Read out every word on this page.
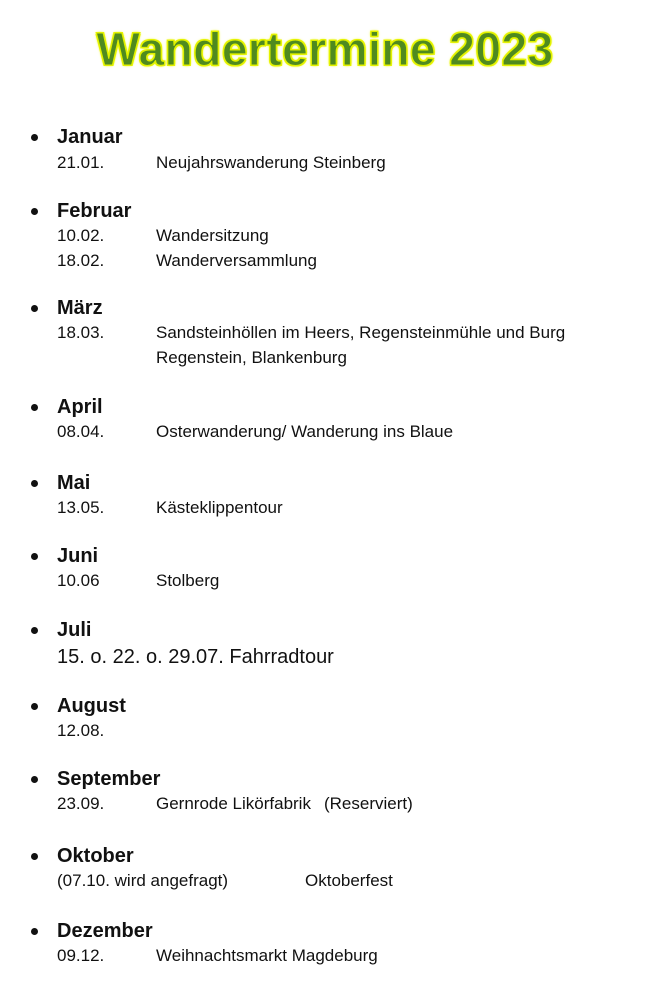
Wandertermine 2023
Januar
21.01.	Neujahrswanderung Steinberg
Februar
10.02.	Wandersitzung
18.02.	Wanderversammlung
März
18.03.	Sandsteinhöllen im Heers, Regensteinmühle und Burg
Regenstein, Blankenburg
April
08.04.	Osterwanderung/ Wanderung ins Blaue
Mai
13.05.	Kästeklippentour
Juni
10.06	Stolberg
Juli
15. o. 22. o. 29.07. Fahrradtour
August
12.08.
September
23.09.	Gernrode Likörfabrik (Reserviert)
Oktober
(07.10. wird angefragt)	Oktoberfest
Dezember
09.12.	Weihnachtsmarkt Magdeburg
